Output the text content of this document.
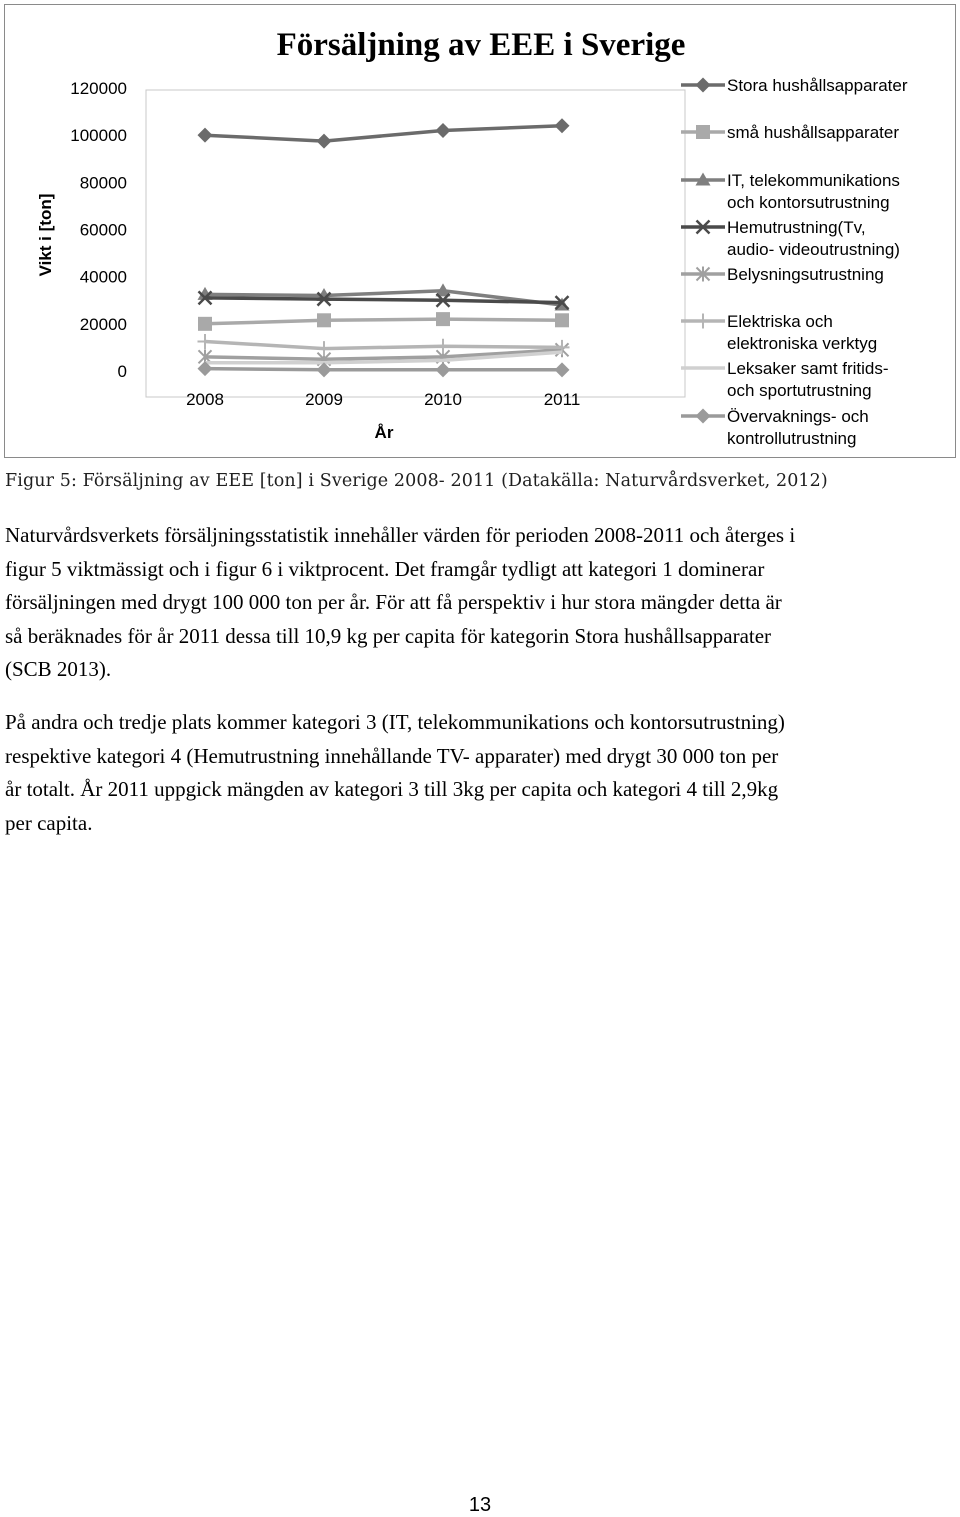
Försäljning av EEE i Sverige
Vikt i [ton]
120000
100000
80000
60000
40000
20000
0
2008	2009	2010	2011
År
Stora hushållsapparater
små hushållsapparater
IT, telekommunikations
och kontorsutrustning
Hemutrustning(Tv,
audio- videoutrustning)
Belysningsutrustning
Elektriska och
elektroniska verktyg
Leksaker samt fritids-
och sportutrustning
Övervaknings- och
kontrollutrustning
Figur 5: Försäljning av EEE [ton] i Sverige 2008- 2011 (Datakälla: Naturvårdsverket, 2012)
Naturvårdsverkets försäljningsstatistik innehåller värden för perioden 2008-2011 och återges i
figur 5 viktmässigt och i figur 6 i viktprocent. Det framgår tydligt att kategori 1 dominerar
försäljningen med drygt 100 000 ton per år. För att få perspektiv i hur stora mängder detta är
så beräknades för år 2011 dessa till 10,9 kg per capita för kategorin Stora hushållsapparater
(SCB 2013).
På andra och tredje plats kommer kategori 3 (IT, telekommunikations och kontorsutrustning)
respektive kategori 4 (Hemutrustning innehållande TV- apparater) med drygt 30 000 ton per
år totalt. År 2011 uppgick mängden av kategori 3 till 3kg per capita och kategori 4 till 2,9kg
per capita.
13
